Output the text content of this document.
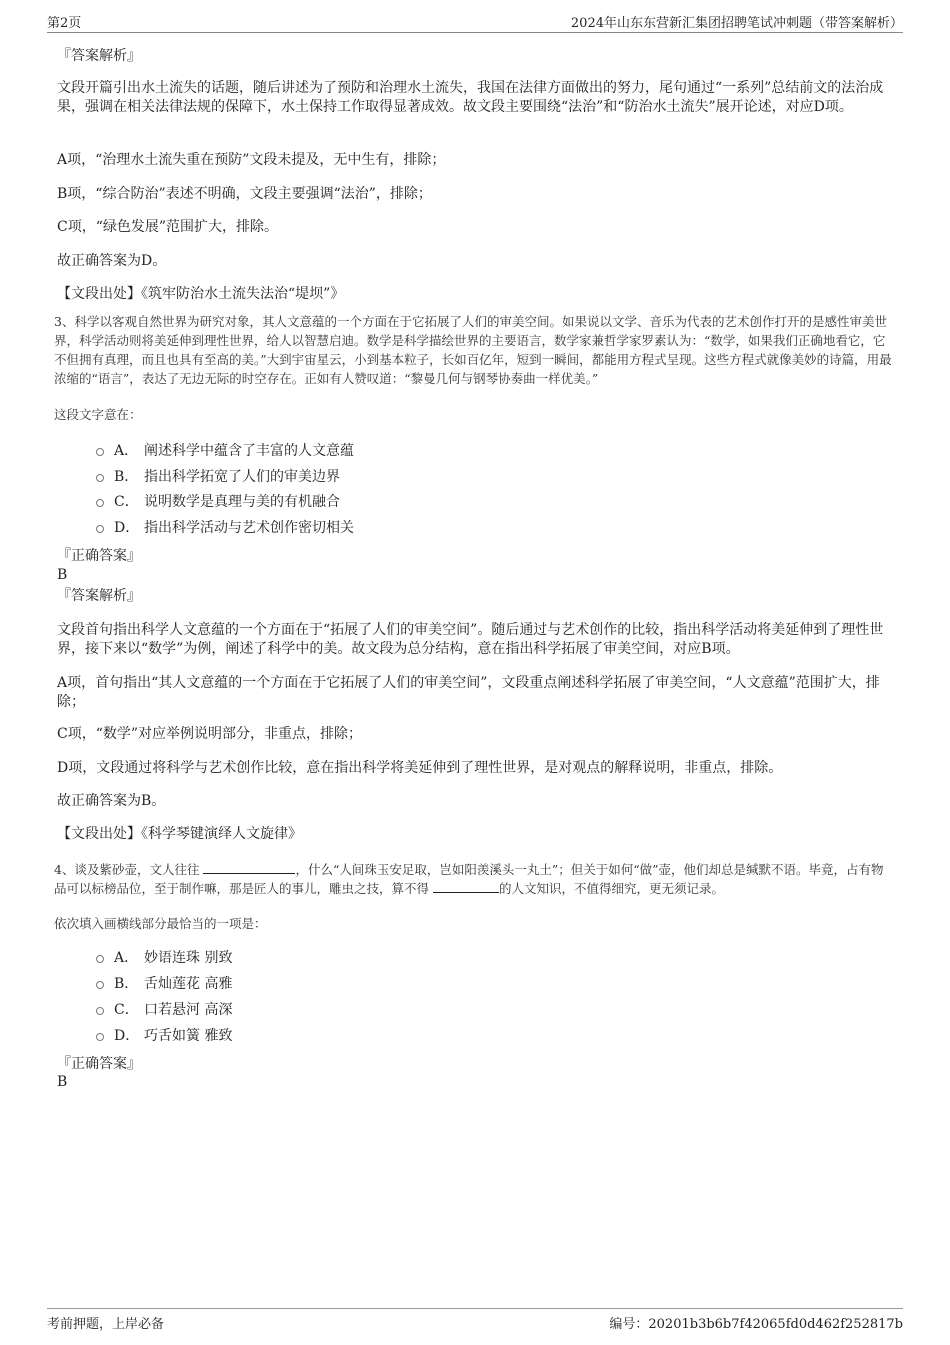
第2页	2024年山东东营新汇集团招聘笔试冲刺题（带答案解析）
『答案解析』
文段开篇引出水土流失的话题，随后讲述为了预防和治理水土流失，我国在法律方面做出的努力，尾句通过“一系列”总结前文的法治成果，强调在相关法律法规的保障下，水土保持工作取得显著成效。故文段主要围绕“法治”和“防治水土流失”展开论述，对应D项。
A项，“治理水土流失重在预防”文段未提及，无中生有，排除；
B项，“综合防治”表述不明确，文段主要强调“法治”，排除；
C项，“绿色发展”范围扩大，排除。
故正确答案为D。
【文段出处】《筑牢防治水土流失法治“堤坝”》
3、科学以客观自然世界为研究对象，其人文意蕴的一个方面在于它拓展了人们的审美空间。如果说以文学、音乐为代表的艺术创作打开的是感性审美世界，科学活动则将美延伸到理性世界，给人以智慧启迪。数学是科学描绘世界的主要语言，数学家兼哲学家罗素认为：“数学，如果我们正确地看它，它不但拥有真理，而且也具有至高的美。”大到宇宙星云，小到基本粒子，长如百亿年，短到一瞬间，都能用方程式呈现。这些方程式就像美妙的诗篇，用最浓缩的“语言”，表达了无边无际的时空存在。正如有人赞叹道：“黎曼几何与钢琴协奏曲一样优美。”
这段文字意在：
A． 阐述科学中蕴含了丰富的人文意蕴
B． 指出科学拓宽了人们的审美边界
C． 说明数学是真理与美的有机融合
D． 指出科学活动与艺术创作密切相关
『正确答案』
B
『答案解析』
文段首句指出科学人文意蕴的一个方面在于“拓展了人们的审美空间”。随后通过与艺术创作的比较，指出科学活动将美延伸到了理性世界，接下来以“数学”为例，阐述了科学中的美。故文段为总分结构，意在指出科学拓展了审美空间，对应B项。
A项，首句指出“其人文意蕴的一个方面在于它拓展了人们的审美空间”，文段重点阐述科学拓展了审美空间，“人文意蕴”范围扩大，排除；
C项，“数学”对应举例说明部分，非重点，排除；
D项，文段通过将科学与艺术创作比较，意在指出科学将美延伸到了理性世界，是对观点的解释说明，非重点，排除。
故正确答案为B。
【文段出处】《科学琴键演绎人文旋律》
4、谈及紫砂壶，文人往往	，什么“人间珠玉安足取，岂如阳羡溪头一丸土”；但关于如何“做”壶，他们却总是缄默不语。毕竟，占有物品可以标榜品位，至于制作嘛，那是匠人的事儿，雕虫之技，算不得	的人文知识，不值得细究，更无须记录。
依次填入画横线部分最恰当的一项是：
A． 妙语连珠 别致
B． 舌灿莲花 高雅
C． 口若悬河 高深
D． 巧舌如簧 雅致
『正确答案』
B
考前押题，上岸必备	编号：20201b3b6b7f42065fd0d462f252817b
